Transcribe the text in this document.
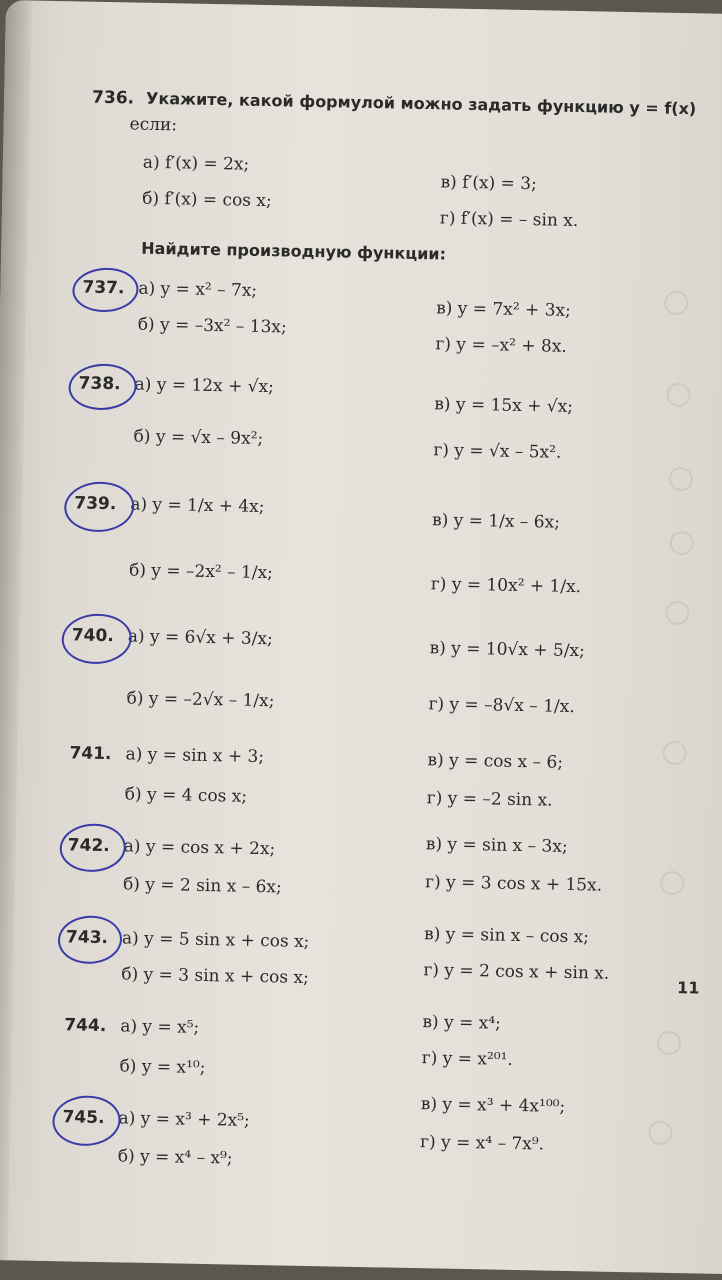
736. Укажите, какой формулой можно задать функцию y = f(x)
если:
а) f′(x) = 2x;
б) f′(x) = cos x;
в) f′(x) = 3;
г) f′(x) = – sin x.
Найдите производную функции:
737. а) y = x² – 7x;
б) y = –3x² – 13x;
в) y = 7x² + 3x;
г) y = –x² + 8x.
738. а) y = 12x + √x;
б) y = √x – 9x²;
в) y = 15x + √x;
г) y = √x – 5x².
739. а) y = 1/x + 4x;
б) y = –2x² – 1/x;
в) y = 1/x – 6x;
г) y = 10x² + 1/x.
740. а) y = 6√x + 3/x;
б) y = –2√x – 1/x;
в) y = 10√x + 5/x;
г) y = –8√x – 1/x.
741. а) y = sin x + 3;
б) y = 4 cos x;
в) y = cos x – 6;
г) y = –2 sin x.
742. а) y = cos x + 2x;
б) y = 2 sin x – 6x;
в) y = sin x – 3x;
г) y = 3 cos x + 15x.
743. а) y = 5 sin x + cos x;
б) y = 3 sin x + cos x;
в) y = sin x – cos x;
г) y = 2 cos x + sin x.
744. а) y = x⁵;
б) y = x¹⁰;
в) y = x⁴;
г) y = x²⁰¹.
745. а) y = x³ + 2x⁵;
б) y = x⁴ – x⁹;
в) y = x³ + 4x¹⁰⁰;
г) y = x⁴ – 7x⁹.
11
